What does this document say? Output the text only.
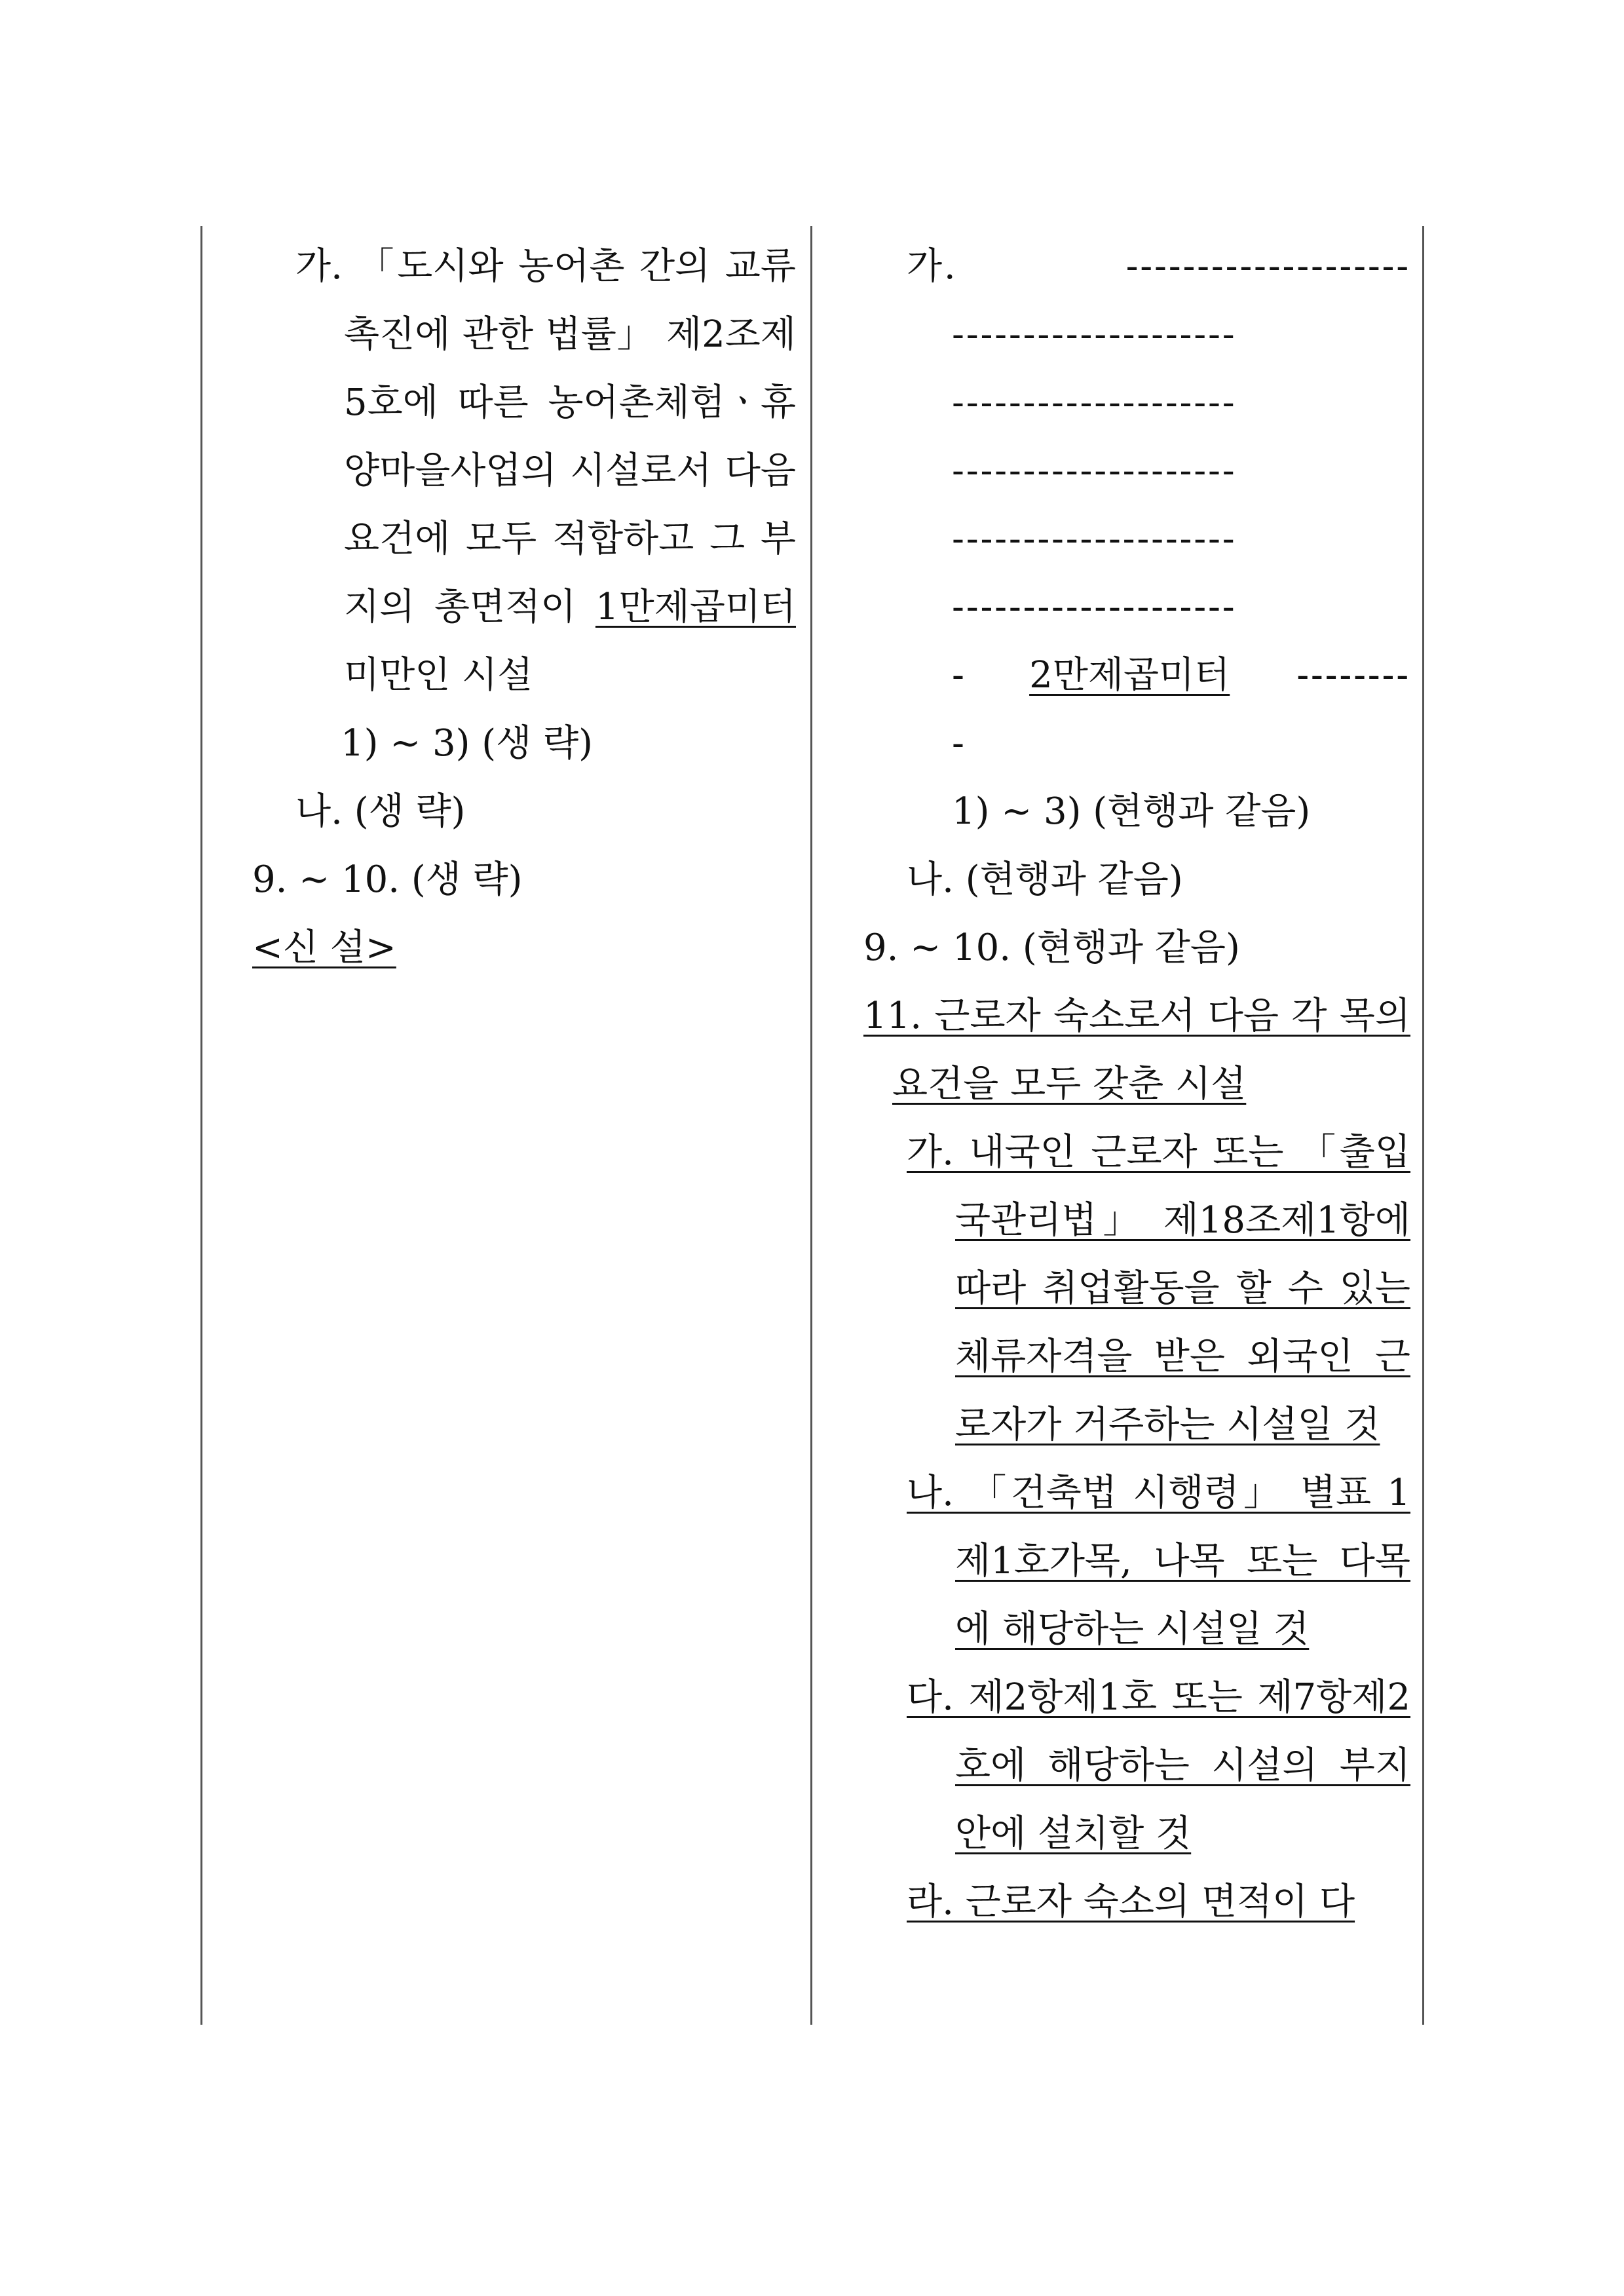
가. 「도시와 농어촌 간의 교류촉진에 관한 법률」 제2조제5호에 따른 농어촌체험ㆍ휴양마을사업의 시설로서 다음 요건에 모두 적합하고 그 부지의 총면적이 1만제곱미터 미만인 시설
1) ~ 3) (생 략)
나. (생 략)
9. ~ 10. (생 략)
<신 설>
가. --------------------
--------------------
--------------------
--------------------
--------------------
--------------------
- 2만제곱미터 --------
-
1) ~ 3) (현행과 같음)
나. (현행과 같음)
9. ~ 10. (현행과 같음)
11. 근로자 숙소로서 다음 각 목의 요건을 모두 갖춘 시설
가. 내국인 근로자 또는 「출입국관리법」 제18조제1항에 따라 취업활동을 할 수 있는 체류자격을 받은 외국인 근로자가 거주하는 시설일 것
나. 「건축법 시행령」 별표 1 제1호가목, 나목 또는 다목에 해당하는 시설일 것
다. 제2항제1호 또는 제7항제2호에 해당하는 시설의 부지 안에 설치할 것
라. 근로자 숙소의 면적이 다
